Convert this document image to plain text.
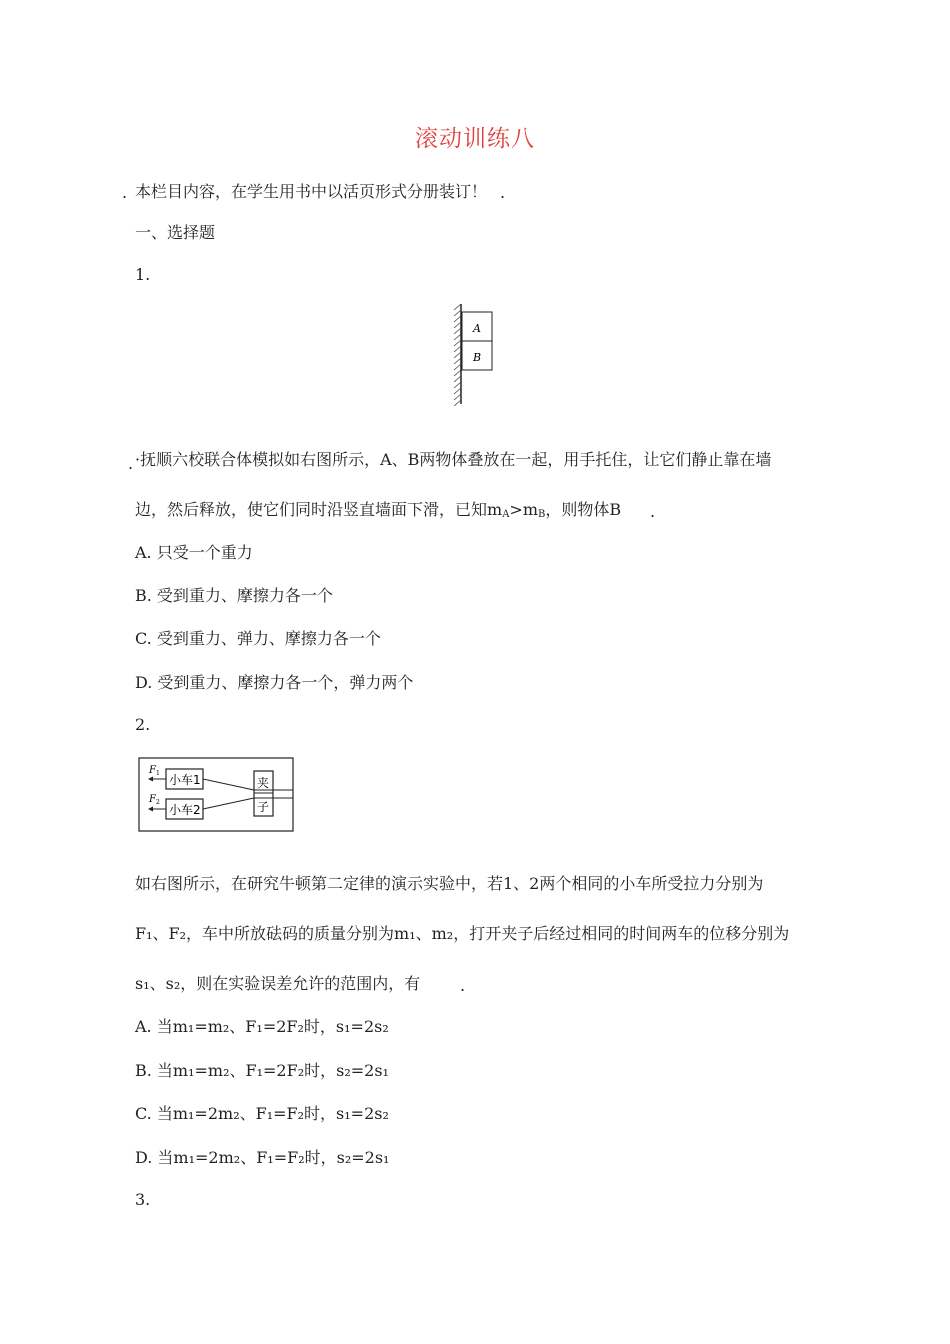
滚动训练八
. 本栏目内容，在学生用书中以活页形式分册装订！ .
一、选择题
1.
A
B
. ·抚顺六校联合体模拟如右图所示，A、B两物体叠放在一起，用手托住，让它们静止靠在墙
边，然后释放，使它们同时沿竖直墙面下滑，已知$m_A>m_B$，则物体B .
A. 只受一个重力
B. 受到重力、摩擦力各一个
C. 受到重力、弹力、摩擦力各一个
D. 受到重力、摩擦力各一个，弹力两个
2.
F 1
F 2
小车1
小车2
夹
子
如右图所示，在研究牛顿第二定律的演示实验中，若1、2两个相同的小车所受拉力分别为
F₁、F₂，车中所放砝码的质量分别为m₁、m₂，打开夹子后经过相同的时间两车的位移分别为
s₁、s₂，则在实验误差允许的范围内，有 .
A. 当m₁=m₂、F₁=2F₂时，s₁=2s₂
B. 当m₁=m₂、F₁=2F₂时，s₂=2s₁
C. 当m₁=2m₂、F₁=F₂时，s₁=2s₂
D. 当m₁=2m₂、F₁=F₂时，s₂=2s₁
3.
